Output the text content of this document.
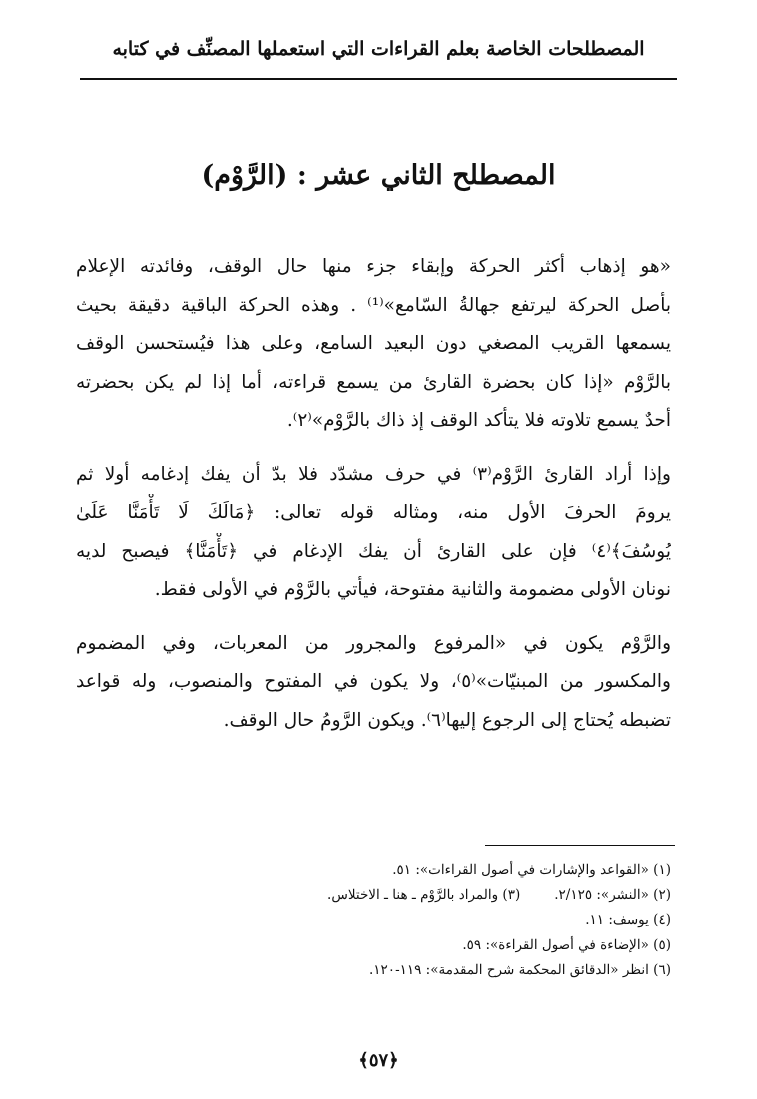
المصطلحات الخاصة بعلم القراءات التي استعملها المصنِّف في كتابه
المصطلح الثاني عشر : (الرَّوْم)
«هو إذهاب أكثر الحركة وإبقاء جزء منها حال الوقف، وفائدته الإعلام
بأصل الحركة ليرتفع جهالةُ السّامع»⁽¹⁾ . وهذه الحركة الباقية دقيقة بحيث
يسمعها القريب المصغي دون البعيد السامع، وعلى هذا فيُستحسن الوقف
بالرَّوْم «إذا كان بحضرة القارئ من يسمع قراءته، أما إذا لم يكن بحضرته
أحدٌ يسمع تلاوته فلا يتأكد الوقف إذ ذاك بالرَّوْم»⁽٢⁾.
وإذا أراد القارئ الرَّوْم⁽٣⁾ في حرف مشدّد فلا بدّ أن يفك إدغامه أولا ثم
يرومَ الحرفَ الأول منه، ومثاله قوله تعالى: ﴿مَالَكَ لَا تَأْمَنَّا عَلَىٰ
يُوسُفَ﴾⁽٤⁾ فإن على القارئ أن يفك الإدغام في ﴿تَأْمَنَّا﴾ فيصبح لديه
نونان الأولى مضمومة والثانية مفتوحة، فيأتي بالرَّوْم في الأولى فقط.
والرَّوْم يكون في «المرفوع والمجرور من المعربات، وفي المضموم
والمكسور من المبنيّات»⁽٥⁾، ولا يكون في المفتوح والمنصوب، وله قواعد
تضبطه يُحتاج إلى الرجوع إليها⁽٦⁾. ويكون الرَّومُ حال الوقف.
(١) «القواعد والإشارات في أصول القراءات»: ٥١.
(٢) «النشر»: ٢/١٢٥.
(٣) والمراد بالرَّوْم ـ هنا ـ الاختلاس.
(٤) يوسف: ١١.
(٥) «الإضاءة في أصول القراءة»: ٥٩.
(٦) انظر «الدقائق المحكمة شرح المقدمة»: ١١٩-١٢٠.
﴿٥٧﴾
